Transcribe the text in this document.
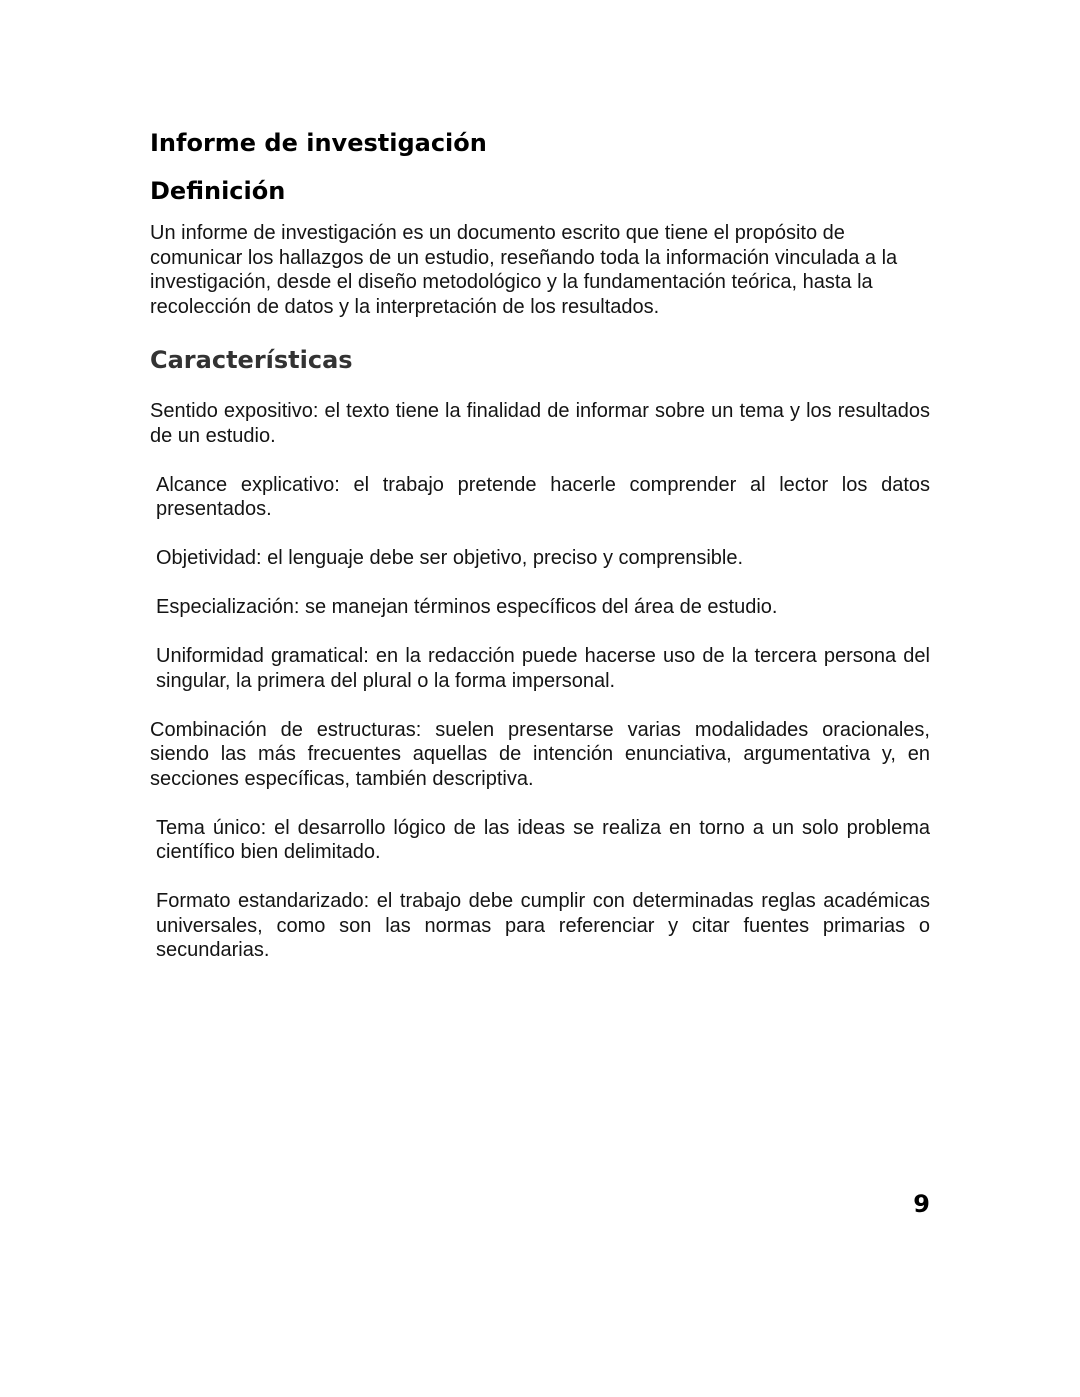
Informe de investigación
Definición

Un informe de investigación es un documento escrito que tiene el propósito de comunicar los hallazgos de un estudio, reseñando toda la información vinculada a la investigación, desde el diseño metodológico y la fundamentación teórica, hasta la recolección de datos y la interpretación de los resultados.

Características

Sentido expositivo: el texto tiene la finalidad de informar sobre un tema y los resultados de un estudio.

Alcance explicativo: el trabajo pretende hacerle comprender al lector los datos presentados.

Objetividad: el lenguaje debe ser objetivo, preciso y comprensible.

Especialización: se manejan términos específicos del área de estudio.

Uniformidad gramatical: en la redacción puede hacerse uso de la tercera persona del singular, la primera del plural o la forma impersonal.

Combinación de estructuras: suelen presentarse varias modalidades oracionales, siendo las más frecuentes aquellas de intención enunciativa, argumentativa y, en secciones específicas, también descriptiva.

Tema único: el desarrollo lógico de las ideas se realiza en torno a un solo problema científico bien delimitado.

Formato estandarizado: el trabajo debe cumplir con determinadas reglas académicas universales, como son las normas para referenciar y citar fuentes primarias o secundarias.

9
